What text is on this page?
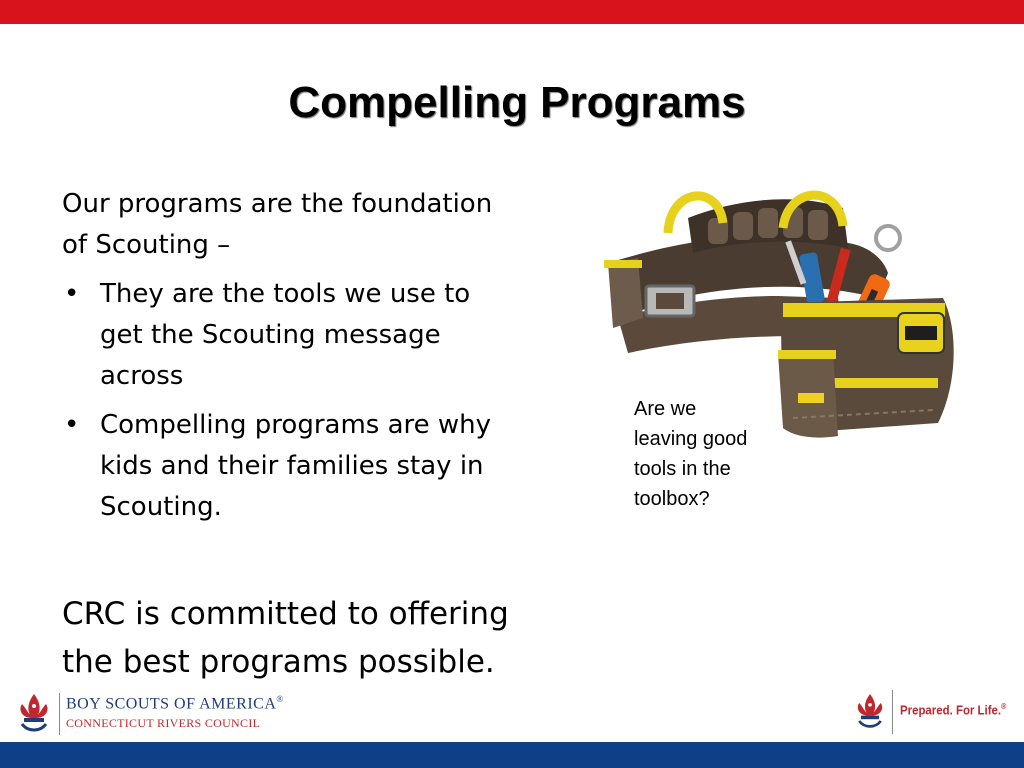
Compelling Programs

Our programs are the foundation
of Scouting –

• They are the tools we use to
get the Scouting message
across
• Compelling programs are why
kids and their families stay in
Scouting.
CRC is committed to offering
the best programs possible.
Are we
leaving good
tools in the
toolbox?
BOY SCOUTS OF AMERICA®
CONNECTICUT RIVERS COUNCIL
Prepared. For Life.®
